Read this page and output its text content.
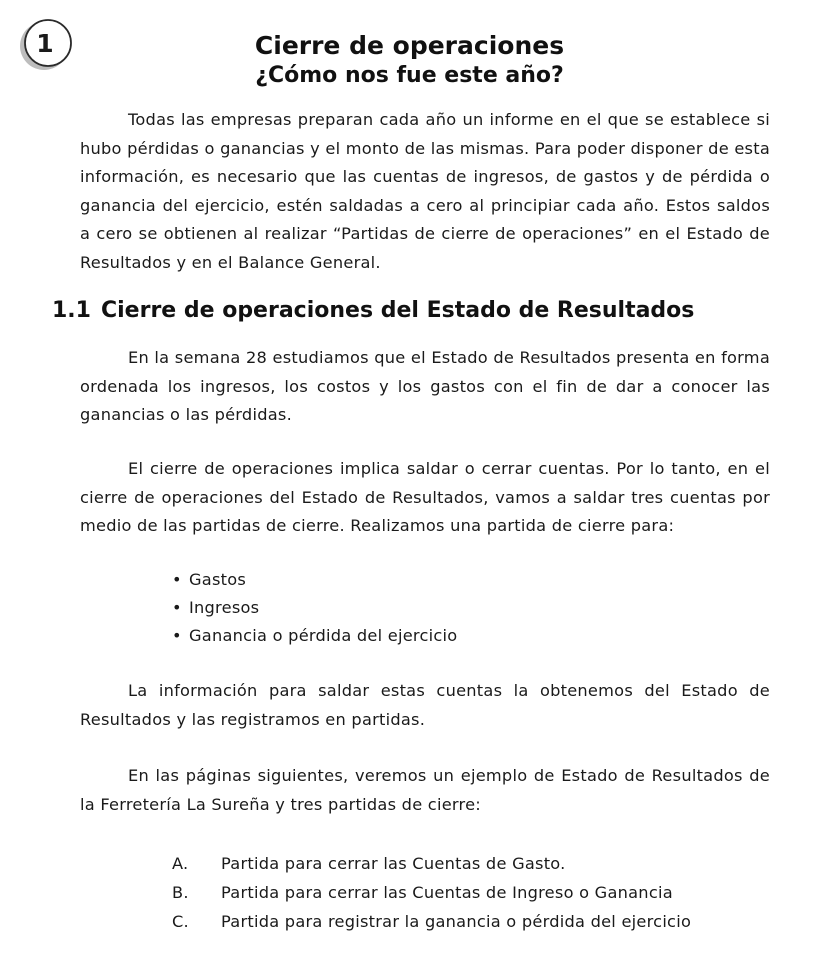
1	Cierre de operaciones
¿Cómo nos fue este año?

Todas las empresas preparan cada año un informe en el que se establece si hubo pérdidas o ganancias y el monto de las mismas. Para poder disponer de esta información, es necesario que las cuentas de ingresos, de gastos y de pérdida o ganancia del ejercicio, estén saldadas a cero al principiar cada año. Estos saldos a cero se obtienen al realizar “Partidas de cierre de operaciones” en el Estado de Resultados y en el Balance General.

1.1 Cierre de operaciones del Estado de Resultados

En la semana 28 estudiamos que el Estado de Resultados presenta en forma ordenada los ingresos, los costos y los gastos con el fin de dar a conocer las ganancias o las pérdidas.

El cierre de operaciones implica saldar o cerrar cuentas. Por lo tanto, en el cierre de operaciones del Estado de Resultados, vamos a saldar tres cuentas por medio de las partidas de cierre. Realizamos una partida de cierre para:

• Gastos
• Ingresos
• Ganancia o pérdida del ejercicio

La información para saldar estas cuentas la obtenemos del Estado de Resultados y las registramos en partidas.

En las páginas siguientes, veremos un ejemplo de Estado de Resultados de la Ferretería La Sureña y tres partidas de cierre:

A. Partida para cerrar las Cuentas de Gasto.
B. Partida para cerrar las Cuentas de Ingreso o Ganancia
C. Partida para registrar la ganancia o pérdida del ejercicio
